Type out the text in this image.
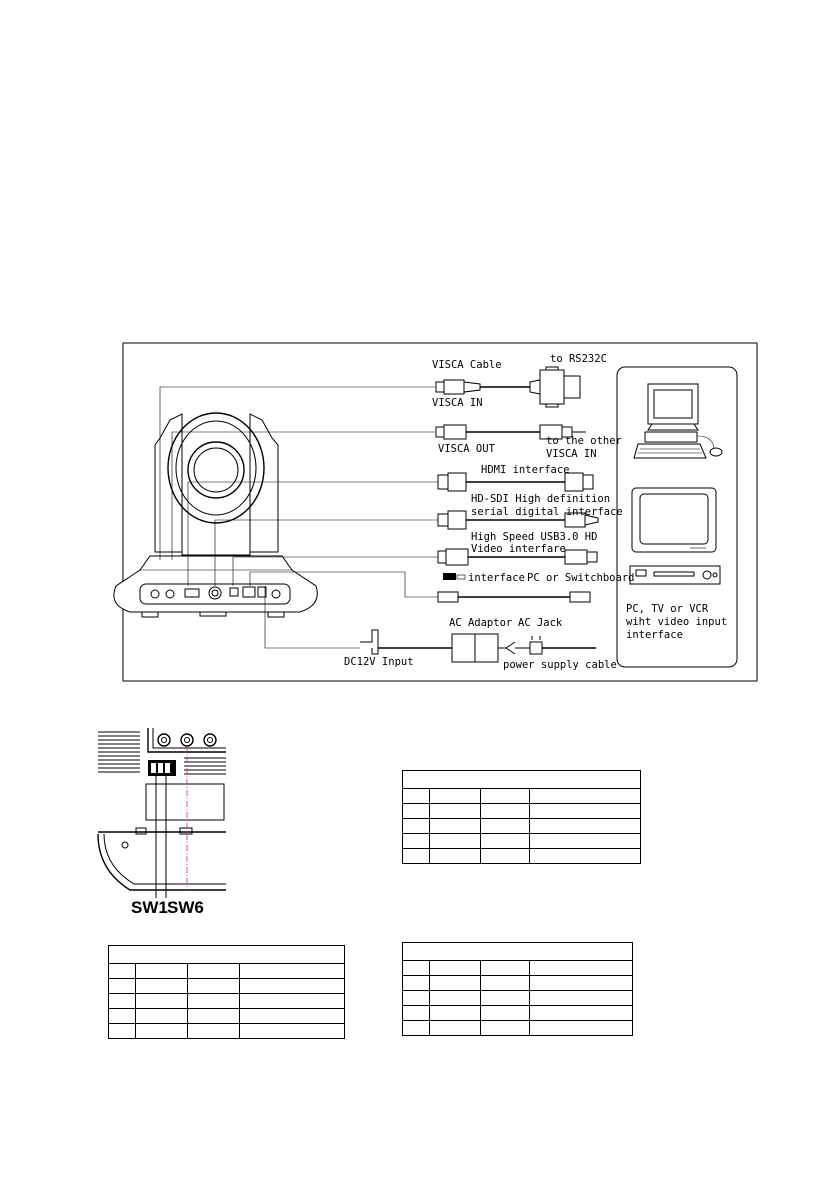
VISCA Cable	to RS232C
VISCA IN
VISCA OUT
to the other
VISCA IN
HDMI interface
HD-SDI High definition
serial digital interface
High Speed USB3.0 HD
Video interfare
interface PC or Switchboard
AC Adaptor AC Jack
DC12V Input	power supply cable
PC, TV or VCR
wiht video input
interface
SW1 SW6
